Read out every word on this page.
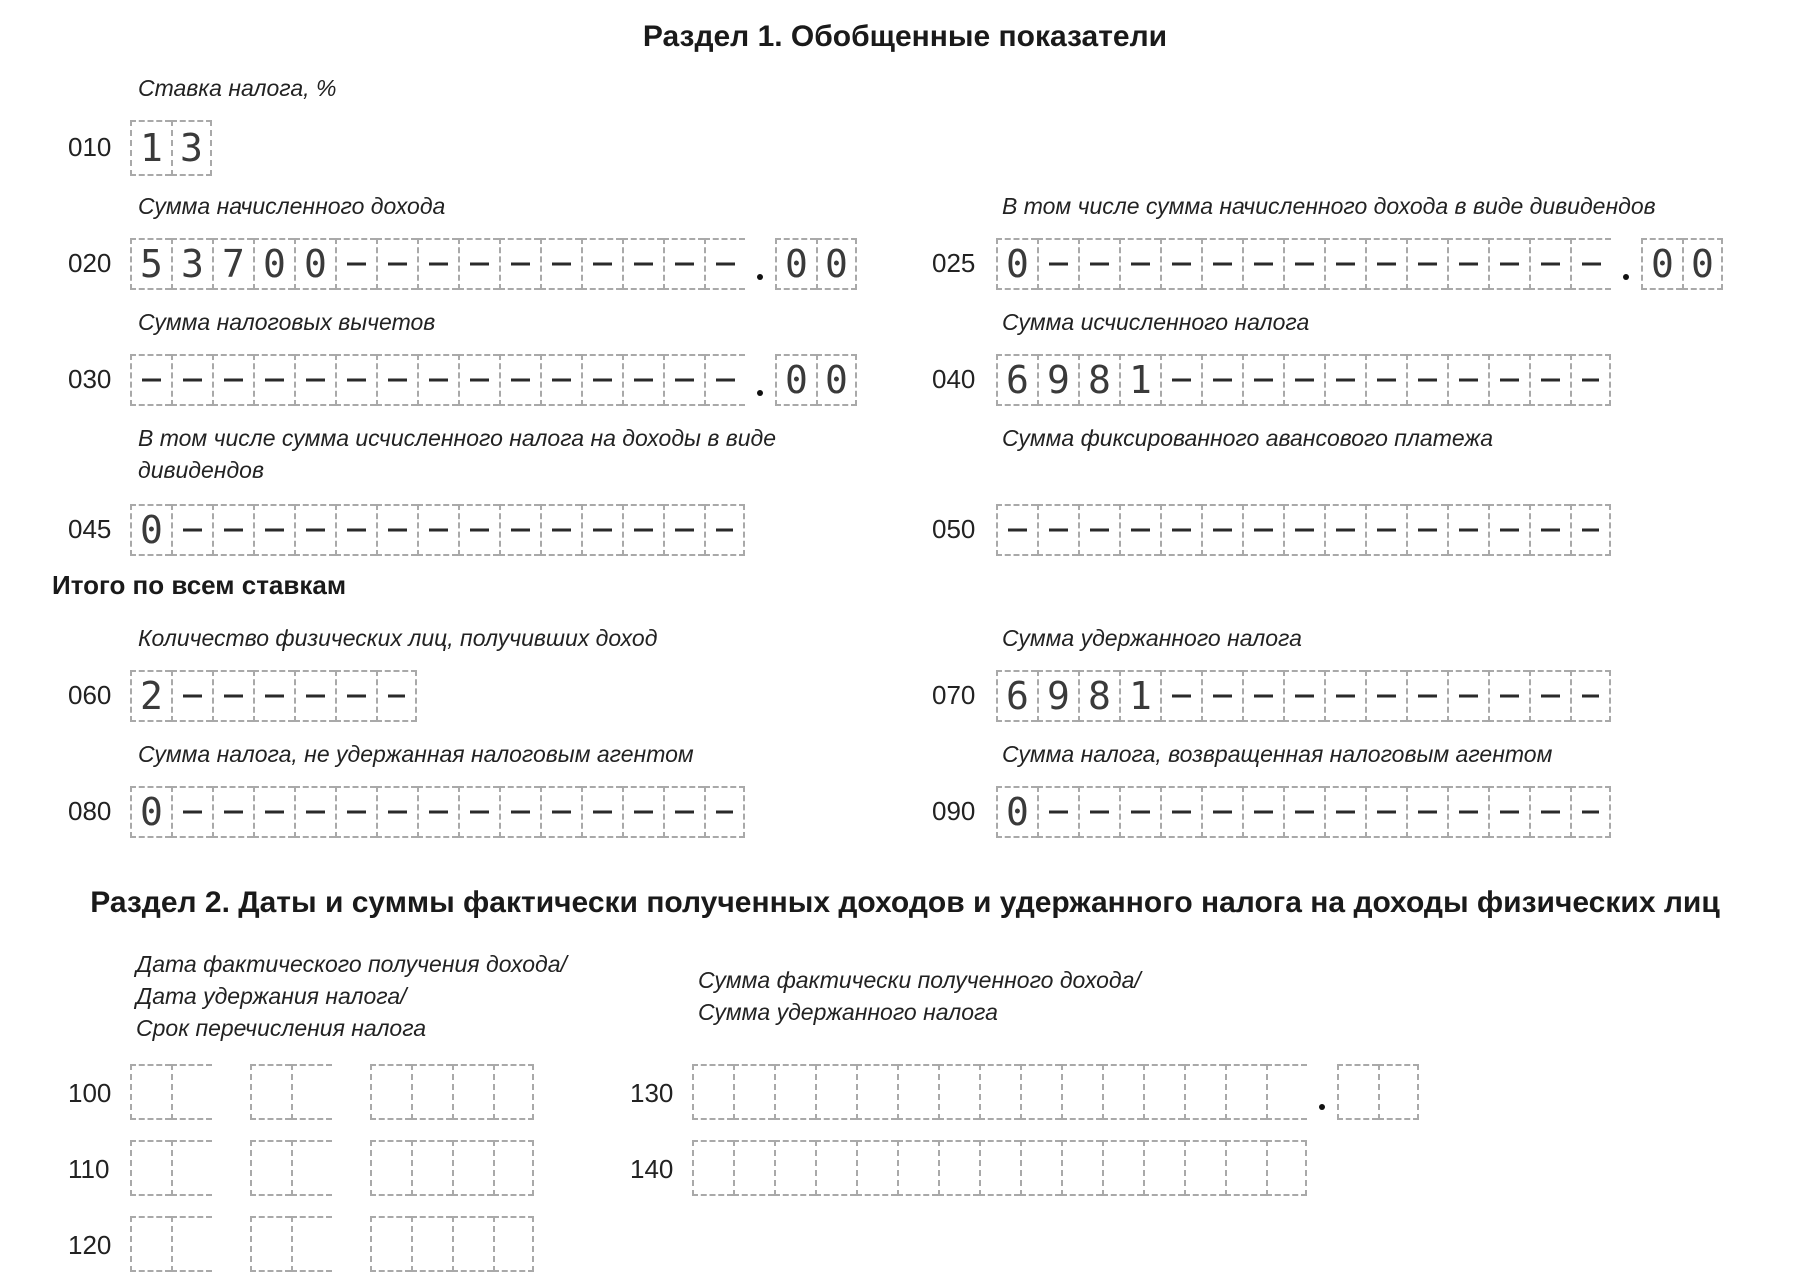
Раздел 1. Обобщенные показатели
Ставка налога, %
010 1 3
Сумма начисленного дохода
020 5 3 7 0 0	0 0
В том числе сумма начисленного дохода в виде дивидендов
025 0	0 0
Сумма налоговых вычетов
030	0 0
Сумма исчисленного налога
040 6 9 8 1
В том числе сумма исчисленного налога на доходы в виде
дивидендов
045 0
Сумма фиксированного авансового платежа
050
Итого по всем ставкам
Количество физических лиц, получивших доход
060 2
Сумма удержанного налога
070 6 9 8 1
Сумма налога, не удержанная налоговым агентом
080 0
Сумма налога, возвращенная налоговым агентом
090 0
Раздел 2. Даты и суммы фактически полученных доходов и удержанного налога на доходы физических лиц
Дата фактического получения дохода/
Дата удержания налога/
Срок перечисления налога
Сумма фактически полученного дохода/
Сумма удержанного налога
100
110
120
130
140
